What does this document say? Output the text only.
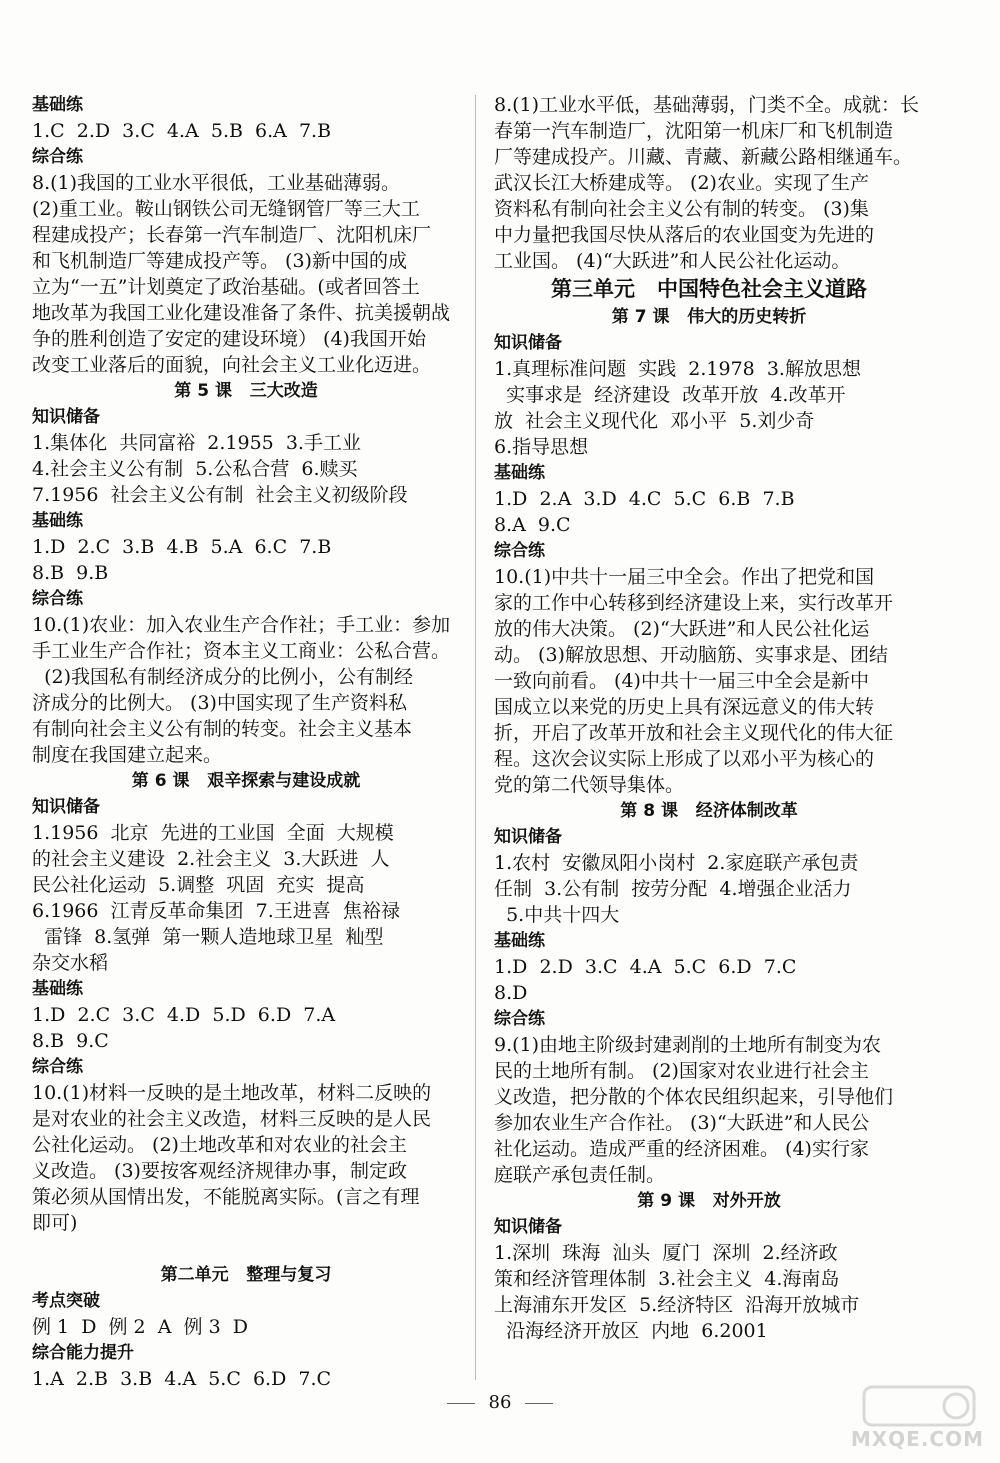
基础练
1.C  2.D  3.C  4.A  5.B  6.A  7.B
综合练
8.(1)我国的工业水平很低，工业基础薄弱。
(2)重工业。鞍山钢铁公司无缝钢管厂等三大工
程建成投产；长春第一汽车制造厂、沈阳机床厂
和飞机制造厂等建成投产等。 (3)新中国的成
立为“一五”计划奠定了政治基础。(或者回答土
地改革为我国工业化建设准备了条件、抗美援朝战
争的胜利创造了安定的建设环境） (4)我国开始
改变工业落后的面貌，向社会主义工业化迈进。
第 5 课   三大改造
知识储备
1.集体化  共同富裕  2.1955  3.手工业
4.社会主义公有制  5.公私合营  6.赎买
7.1956  社会主义公有制  社会主义初级阶段
基础练
1.D  2.C  3.B  4.B  5.A  6.C  7.B
8.B  9.B
综合练
10.(1)农业：加入农业生产合作社；手工业：参加
手工业生产合作社；资本主义工商业：公私合营。
(2)我国私有制经济成分的比例小，公有制经
济成分的比例大。 (3)中国实现了生产资料私
有制向社会主义公有制的转变。社会主义基本
制度在我国建立起来。
第 6 课   艰辛探索与建设成就
知识储备
1.1956  北京  先进的工业国  全面  大规模
的社会主义建设  2.社会主义  3.大跃进  人
民公社化运动  5.调整  巩固  充实  提高
6.1966  江青反革命集团  7.王进喜  焦裕禄
雷锋  8.氢弹  第一颗人造地球卫星  籼型
杂交水稻
基础练
1.D  2.C  3.C  4.D  5.D  6.D  7.A
8.B  9.C
综合练
10.(1)材料一反映的是土地改革，材料二反映的
是对农业的社会主义改造，材料三反映的是人民
公社化运动。 (2)土地改革和对农业的社会主
义改造。 (3)要按客观经济规律办事，制定政
策必须从国情出发，不能脱离实际。(言之有理
即可)
第二单元   整理与复习
考点突破
例 1  D  例 2  A  例 3  D
综合能力提升
1.A  2.B  3.B  4.A  5.C  6.D  7.C
8.(1)工业水平低，基础薄弱，门类不全。成就：长
春第一汽车制造厂，沈阳第一机床厂和飞机制造
厂等建成投产。川藏、青藏、新藏公路相继通车。
武汉长江大桥建成等。 (2)农业。实现了生产
资料私有制向社会主义公有制的转变。 (3)集
中力量把我国尽快从落后的农业国变为先进的
工业国。 (4)“大跃进”和人民公社化运动。
第三单元   中国特色社会主义道路
第 7 课   伟大的历史转折
知识储备
1.真理标准问题  实践  2.1978  3.解放思想
实事求是  经济建设  改革开放  4.改革开
放  社会主义现代化  邓小平  5.刘少奇
6.指导思想
基础练
1.D  2.A  3.D  4.C  5.C  6.B  7.B
8.A  9.C
综合练
10.(1)中共十一届三中全会。作出了把党和国
家的工作中心转移到经济建设上来，实行改革开
放的伟大决策。 (2)“大跃进”和人民公社化运
动。 (3)解放思想、开动脑筋、实事求是、团结
一致向前看。 (4)中共十一届三中全会是新中
国成立以来党的历史上具有深远意义的伟大转
折，开启了改革开放和社会主义现代化的伟大征
程。这次会议实际上形成了以邓小平为核心的
党的第二代领导集体。
第 8 课   经济体制改革
知识储备
1.农村  安徽凤阳小岗村  2.家庭联产承包责
任制  3.公有制  按劳分配  4.增强企业活力
5.中共十四大
基础练
1.D  2.D  3.C  4.A  5.C  6.D  7.C
8.D
综合练
9.(1)由地主阶级封建剥削的土地所有制变为农
民的土地所有制。 (2)国家对农业进行社会主
义改造，把分散的个体农民组织起来，引导他们
参加农业生产合作社。 (3)“大跃进”和人民公
社化运动。造成严重的经济困难。 (4)实行家
庭联产承包责任制。
第 9 课   对外开放
知识储备
1.深圳  珠海  汕头  厦门  深圳  2.经济政
策和经济管理体制  3.社会主义  4.海南岛
上海浦东开发区  5.经济特区  沿海开放城市
沿海经济开放区  内地  6.2001
86
MXQE.COM
